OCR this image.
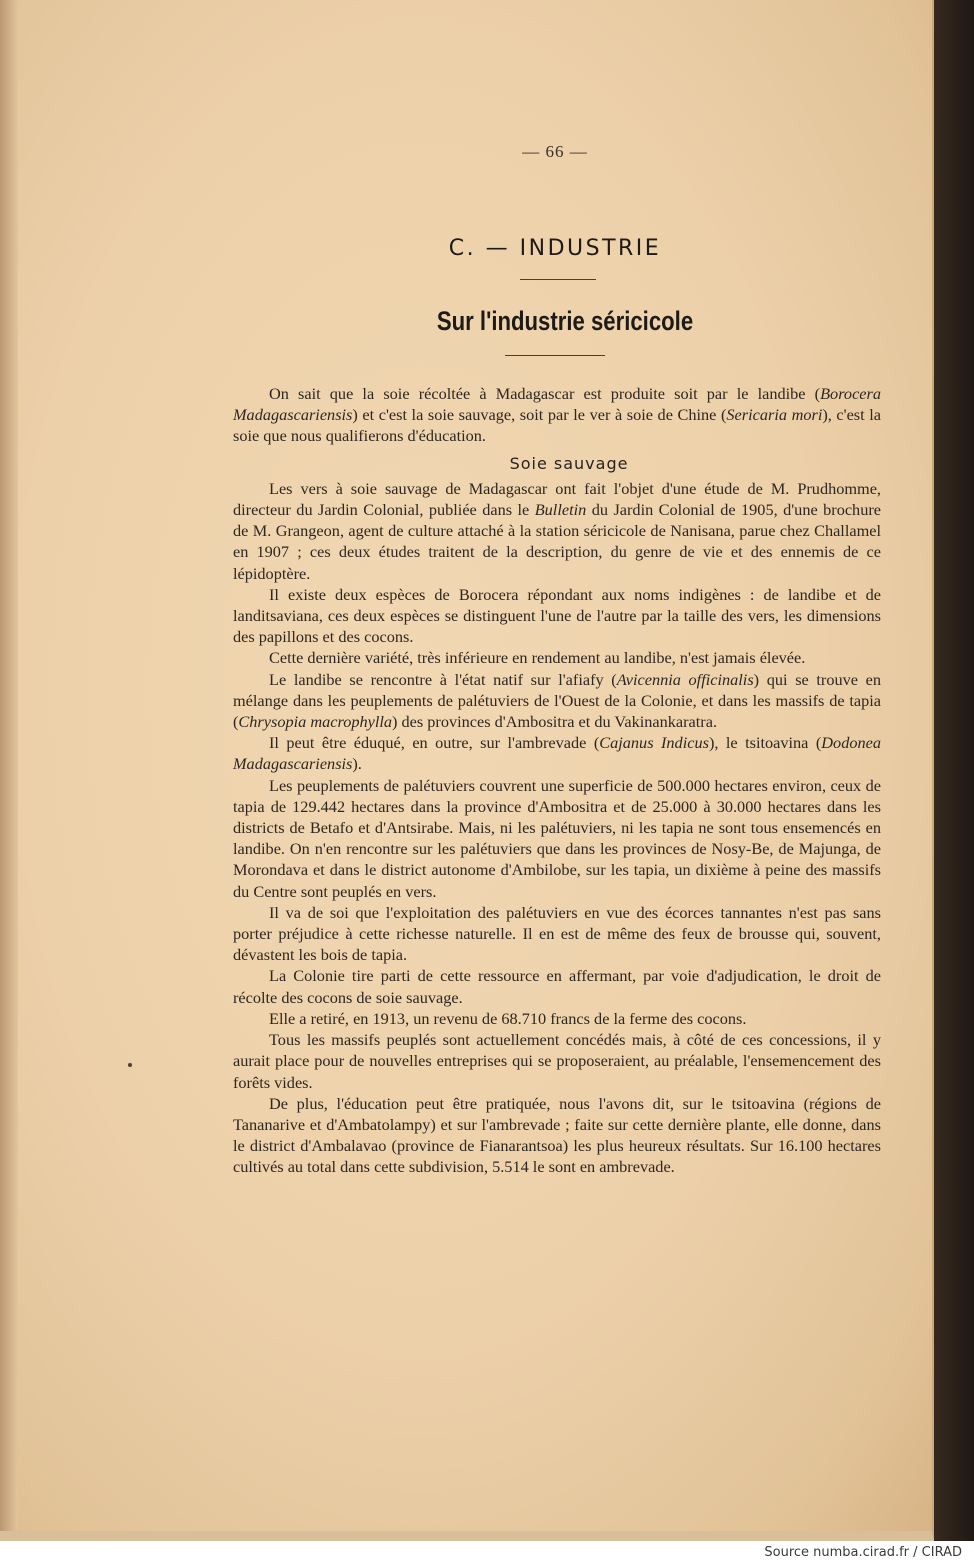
— 66 —
C. — INDUSTRIE
Sur l'industrie séricicole

On sait que la soie récoltée à Madagascar est produite soit par le landibe (Borocera Madagascariensis) et c'est la soie sauvage, soit par le ver à soie de Chine (Sericaria mori), c'est la soie que nous qualifierons d'éducation.

Soie sauvage

Les vers à soie sauvage de Madagascar ont fait l'objet d'une étude de M. Prudhomme, directeur du Jardin Colonial, publiée dans le Bulletin du Jardin Colonial de 1905, d'une brochure de M. Grangeon, agent de culture attaché à la station séricicole de Nanisana, parue chez Challamel en 1907 ; ces deux études traitent de la description, du genre de vie et des ennemis de ce lépidoptère.

Il existe deux espèces de Borocera répondant aux noms indigènes : de landibe et de landitsaviana, ces deux espèces se distinguent l'une de l'autre par la taille des vers, les dimensions des papillons et des cocons.

Cette dernière variété, très inférieure en rendement au landibe, n'est jamais élevée.

Le landibe se rencontre à l'état natif sur l'afiafy (Avicennia officinalis) qui se trouve en mélange dans les peuplements de palétuviers de l'Ouest de la Colonie, et dans les massifs de tapia (Chrysopia macrophylla) des provinces d'Ambositra et du Vakinankaratra.

Il peut être éduqué, en outre, sur l'ambrevade (Cajanus Indicus), le tsitoavina (Dodonea Madagascariensis).

Les peuplements de palétuviers couvrent une superficie de 500.000 hectares environ, ceux de tapia de 129.442 hectares dans la province d'Ambositra et de 25.000 à 30.000 hectares dans les districts de Betafo et d'Antsirabe. Mais, ni les palétuviers, ni les tapia ne sont tous ensemencés en landibe. On n'en rencontre sur les palétuviers que dans les provinces de Nosy-Be, de Majunga, de Morondava et dans le district autonome d'Ambilobe, sur les tapia, un dixième à peine des massifs du Centre sont peuplés en vers.

Il va de soi que l'exploitation des palétuviers en vue des écorces tannantes n'est pas sans porter préjudice à cette richesse naturelle. Il en est de même des feux de brousse qui, souvent, dévastent les bois de tapia.

La Colonie tire parti de cette ressource en affermant, par voie d'adjudication, le droit de récolte des cocons de soie sauvage.

Elle a retiré, en 1913, un revenu de 68.710 francs de la ferme des cocons.

Tous les massifs peuplés sont actuellement concédés mais, à côté de ces concessions, il y aurait place pour de nouvelles entreprises qui se proposeraient, au préalable, l'ensemencement des forêts vides.

De plus, l'éducation peut être pratiquée, nous l'avons dit, sur le tsitoavina (régions de Tananarive et d'Ambatolampy) et sur l'ambrevade ; faite sur cette dernière plante, elle donne, dans le district d'Ambalavao (province de Fianarantsoa) les plus heureux résultats. Sur 16.100 hectares cultivés au total dans cette subdivision, 5.514 le sont en ambrevade.

Source numba.cirad.fr / CIRAD
